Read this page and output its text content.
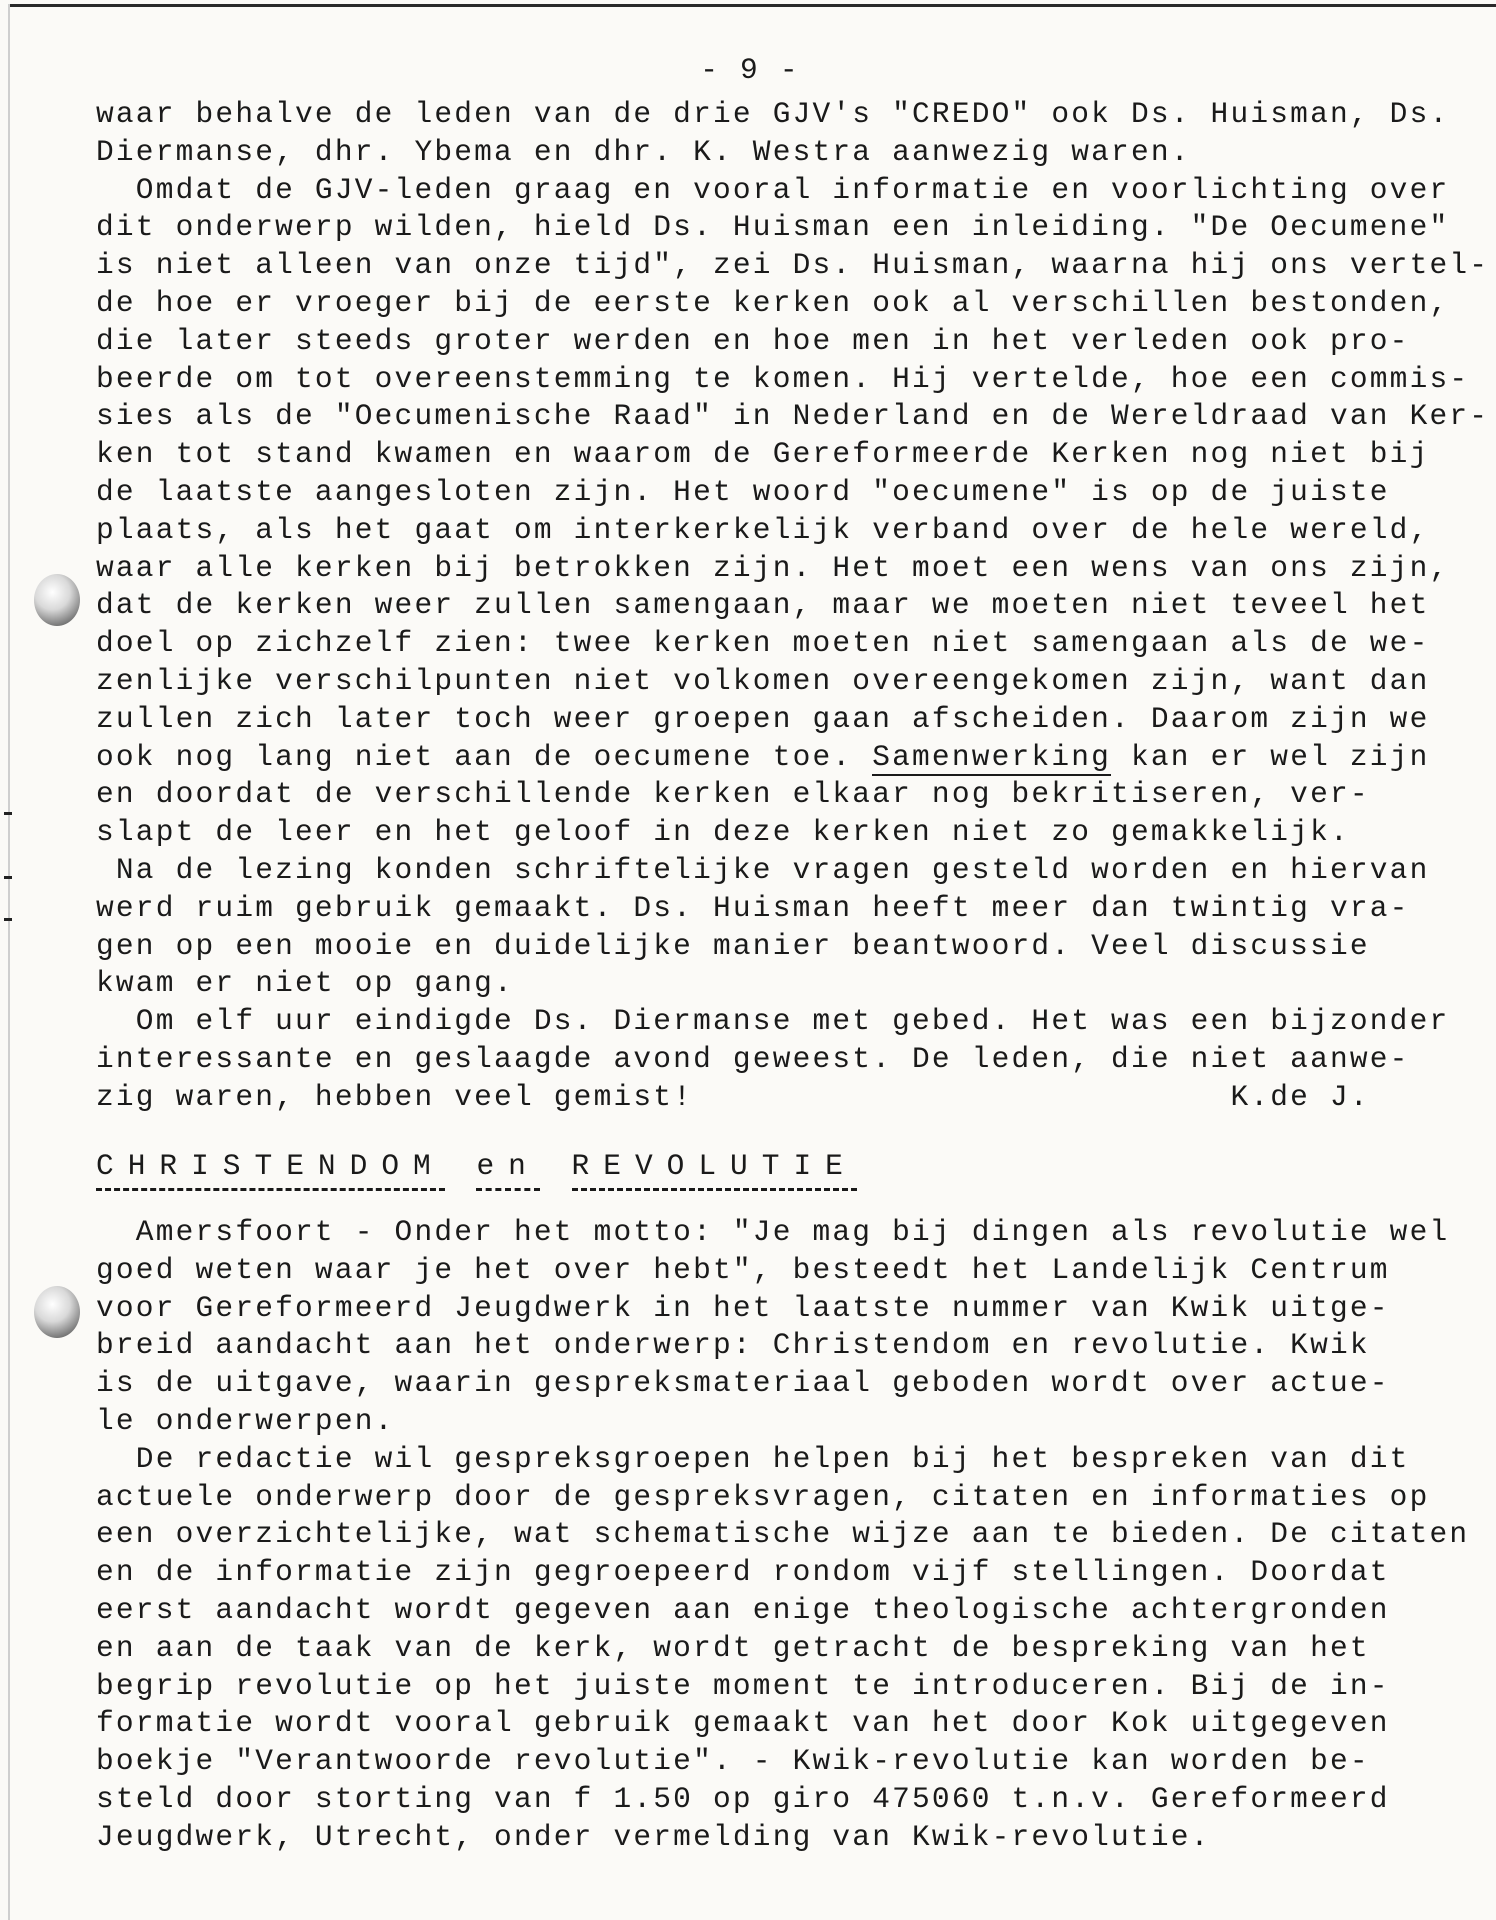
- 9 -

waar behalve de leden van de drie GJV's "CREDO" ook Ds. Huisman, Ds.

Diermanse, dhr. Ybema en dhr. K. Westra aanwezig waren.

Omdat de GJV-leden graag en vooral informatie en voorlichting over

dit onderwerp wilden, hield Ds. Huisman een inleiding. "De Oecumene"

is niet alleen van onze tijd", zei Ds. Huisman, waarna hij ons vertel-

de hoe er vroeger bij de eerste kerken ook al verschillen bestonden,

die later steeds groter werden en hoe men in het verleden ook pro-

beerde om tot overeenstemming te komen. Hij vertelde, hoe een commis-

sies als de "Oecumenische Raad" in Nederland en de Wereldraad van Ker-

ken tot stand kwamen en waarom de Gereformeerde Kerken nog niet bij

de laatste aangesloten zijn. Het woord "oecumene" is op de juiste

plaats, als het gaat om interkerkelijk verband over de hele wereld,

waar alle kerken bij betrokken zijn. Het moet een wens van ons zijn,

dat de kerken weer zullen samengaan, maar we moeten niet teveel het

doel op zichzelf zien: twee kerken moeten niet samengaan als de we-

zenlijke verschilpunten niet volkomen overeengekomen zijn, want dan

zullen zich later toch weer groepen gaan afscheiden. Daarom zijn we

ook nog lang niet aan de oecumene toe. Samenwerking kan er wel zijn

en doordat de verschillende kerken elkaar nog bekritiseren, ver-

slapt de leer en het geloof in deze kerken niet zo gemakkelijk.

Na de lezing konden schriftelijke vragen gesteld worden en hiervan

werd ruim gebruik gemaakt. Ds. Huisman heeft meer dan twintig vra-

gen op een mooie en duidelijke manier beantwoord. Veel discussie

kwam er niet op gang.

Om elf uur eindigde Ds. Diermanse met gebed. Het was een bijzonder

interessante en geslaagde avond geweest. De leden, die niet aanwe-

zig waren, hebben veel gemist!                           K.de J.

CHRISTENDOM en REVOLUTIE

Amersfoort - Onder het motto: "Je mag bij dingen als revolutie wel

goed weten waar je het over hebt", besteedt het Landelijk Centrum

voor Gereformeerd Jeugdwerk in het laatste nummer van Kwik uitge-

breid aandacht aan het onderwerp: Christendom en revolutie. Kwik

is de uitgave, waarin gespreksmateriaal geboden wordt over actue-

le onderwerpen.

De redactie wil gespreksgroepen helpen bij het bespreken van dit

actuele onderwerp door de gespreksvragen, citaten en informaties op

een overzichtelijke, wat schematische wijze aan te bieden. De citaten

en de informatie zijn gegroepeerd rondom vijf stellingen. Doordat

eerst aandacht wordt gegeven aan enige theologische achtergronden

en aan de taak van de kerk, wordt getracht de bespreking van het

begrip revolutie op het juiste moment te introduceren. Bij de in-

formatie wordt vooral gebruik gemaakt van het door Kok uitgegeven

boekje "Verantwoorde revolutie". - Kwik-revolutie kan worden be-

steld door storting van f 1.50 op giro 475060 t.n.v. Gereformeerd

Jeugdwerk, Utrecht, onder vermelding van Kwik-revolutie.
